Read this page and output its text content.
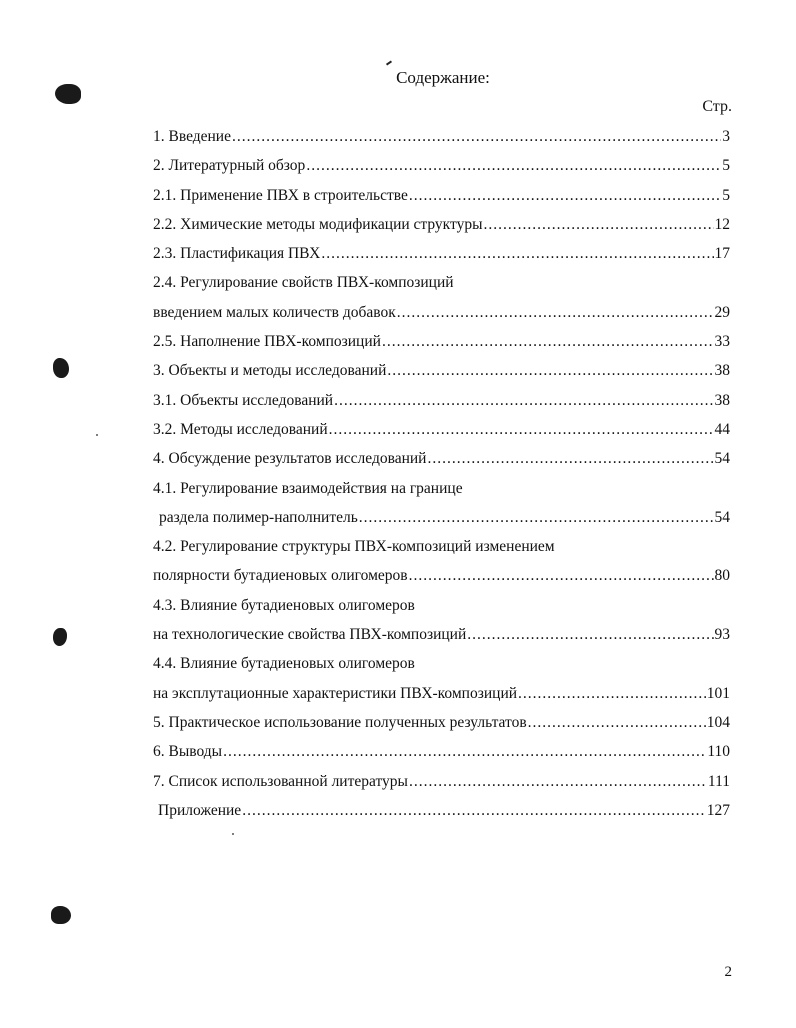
Содержание:
Стр.
1. Введение .....	3
2. Литературный обзор .....	5
2.1. Применение ПВХ в строительстве .....	5
2.2. Химические методы модификации структуры .....	12
2.3. Пластификация ПВХ .....	17
2.4. Регулирование свойств ПВХ-композиций
введением малых количеств добавок .....	29
2.5. Наполнение ПВХ-композиций .....	33
3. Объекты и методы исследований .....	38
3.1. Объекты исследований .....	38
3.2. Методы исследований .....	44
4. Обсуждение результатов исследований .....	54
4.1. Регулирование взаимодействия на границе
раздела полимер-наполнитель .....	54
4.2. Регулирование структуры ПВХ-композиций изменением
полярности бутадиеновых олигомеров .....	80
4.3. Влияние бутадиеновых олигомеров
на технологические свойства ПВХ-композиций .....	93
4.4. Влияние бутадиеновых олигомеров
на эксплутационные характеристики ПВХ-композиций .....	101
5. Практическое использование полученных результатов .....	104
6. Выводы .....	110
7. Список использованной литературы .....	111
Приложение .....	127
2
